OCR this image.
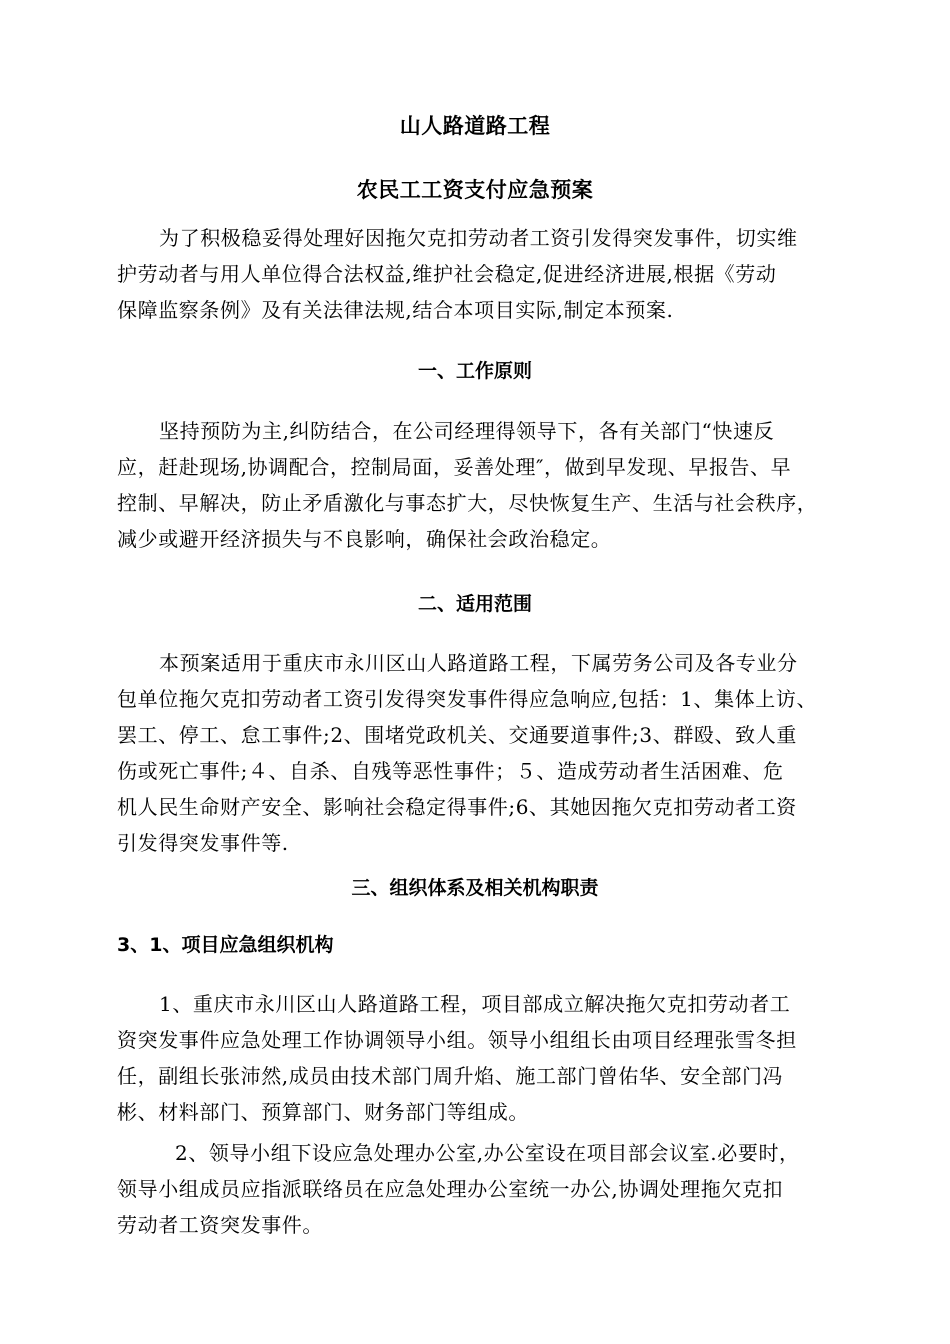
山人路道路工程
农民工工资支付应急预案
为了积极稳妥得处理好因拖欠克扣劳动者工资引发得突发事件，切实维
护劳动者与用人单位得合法权益,维护社会稳定,促进经济进展,根据《劳动
保障监察条例》及有关法律法规,结合本项目实际,制定本预案.
一、工作原则
坚持预防为主,纠防结合，在公司经理得领导下，各有关部门“快速反
应，赶赴现场,协调配合，控制局面，妥善处理″，做到早发现、早报告、早
控制、早解决，防止矛盾激化与事态扩大，尽快恢复生产、生活与社会秩序，
减少或避开经济损失与不良影响，确保社会政治稳定。
二、适用范围
本预案适用于重庆市永川区山人路道路工程，下属劳务公司及各专业分
包单位拖欠克扣劳动者工资引发得突发事件得应急响应,包括：1、集体上访、
罢工、停工、怠工事件;2、围堵党政机关、交通要道事件;3、群殴、致人重
伤或死亡事件;４、自杀、自残等恶性事件；５、造成劳动者生活困难、危
机人民生命财产安全、影响社会稳定得事件;6、其她因拖欠克扣劳动者工资
引发得突发事件等.
三、组织体系及相关机构职责
3、1、项目应急组织机构
1、重庆市永川区山人路道路工程，项目部成立解决拖欠克扣劳动者工
资突发事件应急处理工作协调领导小组。领导小组组长由项目经理张雪冬担
任，副组长张沛然,成员由技术部门周升焰、施工部门曾佑华、安全部门冯
彬、材料部门、预算部门、财务部门等组成。
2、领导小组下设应急处理办公室,办公室设在项目部会议室.必要时，
领导小组成员应指派联络员在应急处理办公室统一办公,协调处理拖欠克扣
劳动者工资突发事件。
